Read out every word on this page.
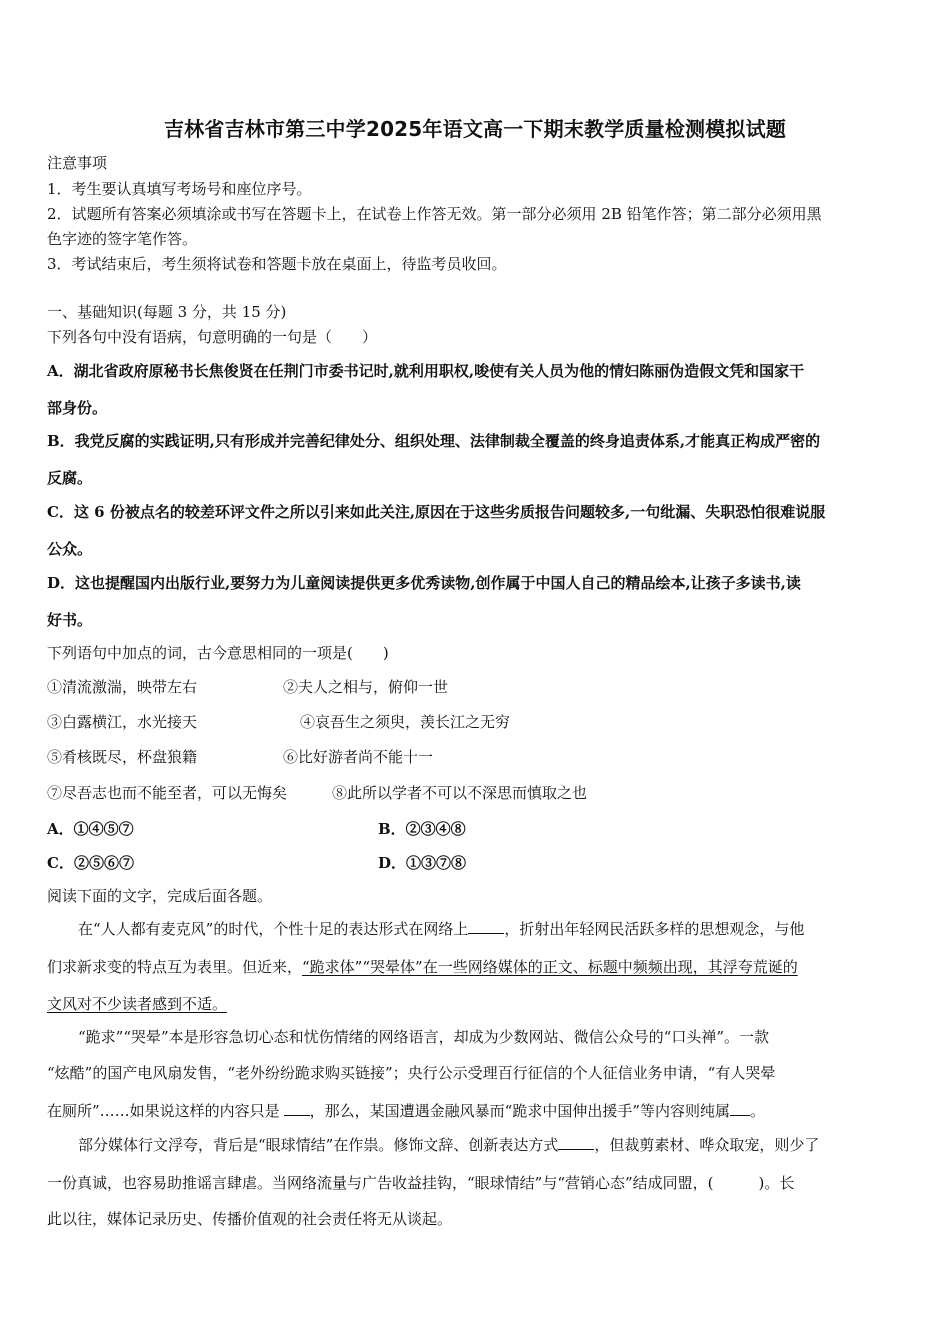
吉林省吉林市第三中学2025年语文高一下期末教学质量检测模拟试题
注意事项
1．考生要认真填写考场号和座位序号。
2．试题所有答案必须填涂或书写在答题卡上，在试卷上作答无效。第一部分必须用 2B 铅笔作答；第二部分必须用黑
色字迹的签字笔作答。
3．考试结束后，考生须将试卷和答题卡放在桌面上，待监考员收回。
一、基础知识(每题 3 分，共 15 分)
下列各句中没有语病，句意明确的一句是（　　）
A．湖北省政府原秘书长焦俊贤在任荆门市委书记时,就利用职权,唆使有关人员为他的情妇陈丽伪造假文凭和国家干
部身份。
B．我党反腐的实践证明,只有形成并完善纪律处分、组织处理、法律制裁全覆盖的终身追责体系,才能真正构成严密的
反腐。
C．这 6 份被点名的较差环评文件之所以引来如此关注,原因在于这些劣质报告问题较多,一句纰漏、失职恐怕很难说服
公众。
D．这也提醒国内出版行业,要努力为儿童阅读提供更多优秀读物,创作属于中国人自己的精品绘本,让孩子多读书,读
好书。
下列语句中加点的词，古今意思相同的一项是(　　)
①清流激湍，映带左右	②夫人之相与，俯仰一世
③白露横江，水光接天	④哀吾生之须臾，羡长江之无穷
⑤肴核既尽，杯盘狼籍	⑥比好游者尚不能十一
⑦尽吾志也而不能至者，可以无悔矣	⑧此所以学者不可以不深思而慎取之也
A．①④⑤⑦	B．②③④⑧
C．②⑤⑥⑦	D．①③⑦⑧
阅读下面的文字，完成后面各题。
在“人人都有麦克风”的时代，个性十足的表达形式在网络上 ，折射出年轻网民活跃多样的思想观念，与他
们求新求变的特点互为表里。但近来，“跪求体”“哭晕体”在一些网络媒体的正文、标题中频频出现，其浮夸荒诞的
文风对不少读者感到不适。
“跪求”“哭晕”本是形容急切心态和忧伤情绪的网络语言，却成为少数网站、微信公众号的“口头禅”。一款
“炫酷”的国产电风扇发售，“老外纷纷跪求购买链接”；央行公示受理百行征信的个人征信业务申请，“有人哭晕
在厕所”……如果说这样的内容只是 ，那么，某国遭遇金融风暴而“跪求中国伸出援手”等内容则纯属 。
部分媒体行文浮夸，背后是“眼球情结”在作祟。修饰文辞、创新表达方式 ，但裁剪素材、哗众取宠，则少了
一份真诚，也容易助推谣言肆虐。当网络流量与广告收益挂钩，“眼球情结”与“营销心态”结成同盟，(　　　)。长
此以往，媒体记录历史、传播价值观的社会责任将无从谈起。
